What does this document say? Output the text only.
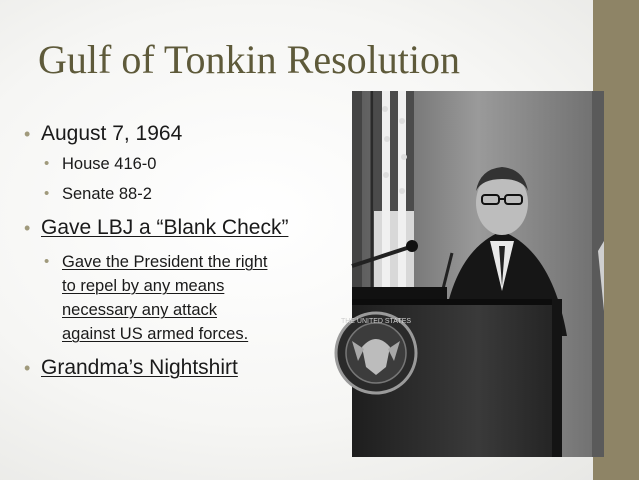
Gulf of Tonkin Resolution
• August 7, 1964
• House 416-0
• Senate 88-2
• Gave LBJ a “Blank Check”
• Gave the President the right
to repel by any means
necessary any attack
against US armed forces.
• Grandma’s Nightshirt
THE UNITED STATES
